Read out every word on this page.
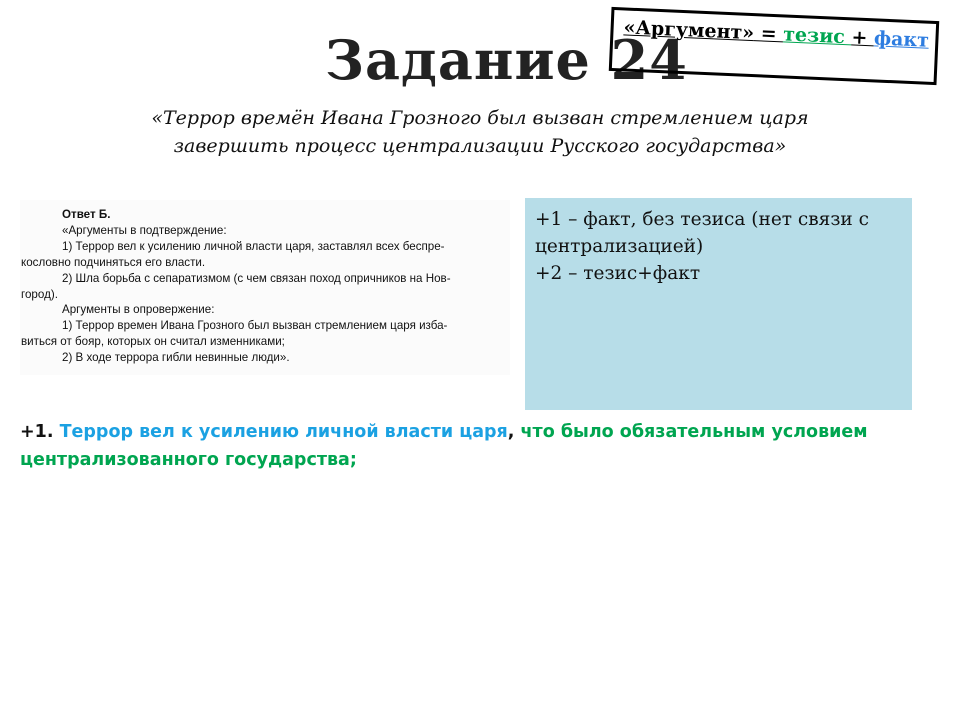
Задание 24
«Аргумент» = тезис + факт
«Террор времён Ивана Грозного был вызван стремлением царя
завершить процесс централизации Русского государства»
Ответ Б.
«Аргументы в подтверждение:
1) Террор вел к усилению личной власти царя, заставлял всех беспре-
кословно подчиняться его власти.
2) Шла борьба с сепаратизмом (с чем связан поход опричников на Нов-
город).
Аргументы в опровержение:
1) Террор времен Ивана Грозного был вызван стремлением царя изба-
виться от бояр, которых он считал изменниками;
2) В ходе террора гибли невинные люди».
+1 – факт, без тезиса (нет связи с централизацией)
+2 – тезис+факт
+1. Террор вел к усилению личной власти царя, что было обязательным условием централизованного государства;
